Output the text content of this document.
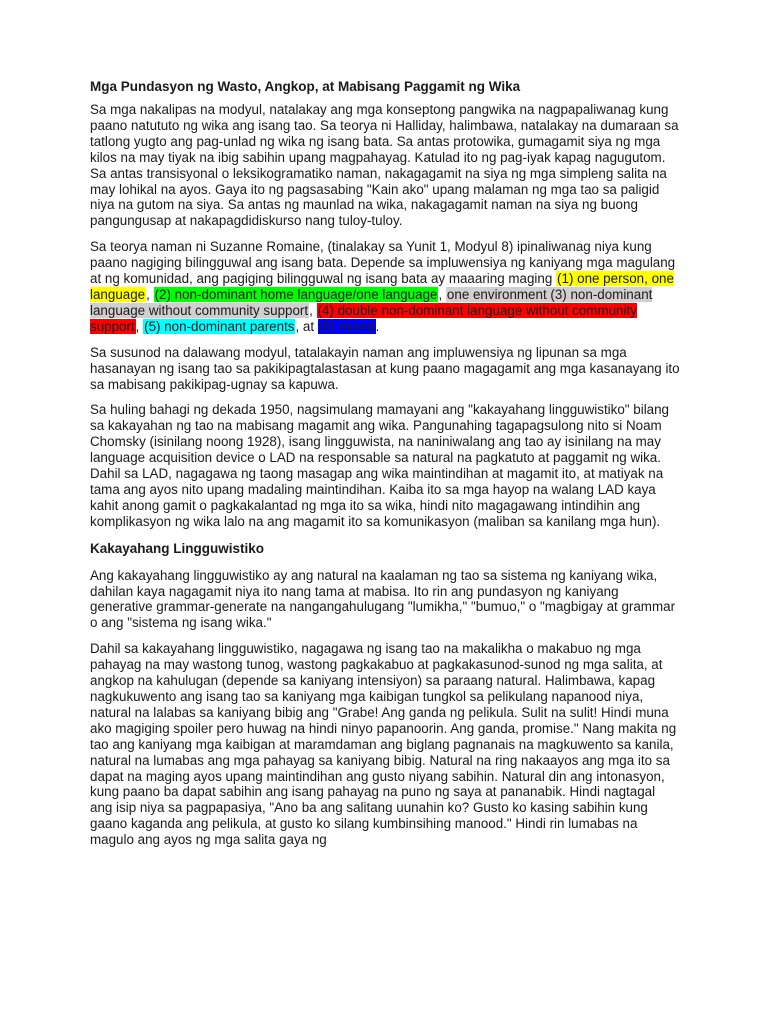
Mga Pundasyon ng Wasto, Angkop, at Mabisang Paggamit ng Wika

Sa mga nakalipas na modyul, natalakay ang mga konseptong pangwika na nagpapaliwanag kung paano natututo ng wika ang isang tao. Sa teorya ni Halliday, halimbawa, natalakay na dumaraan sa tatlong yugto ang pag-unlad ng wika ng isang bata. Sa antas protowika, gumagamit siya ng mga kilos na may tiyak na ibig sabihin upang magpahayag. Katulad ito ng pag-iyak kapag nagugutom. Sa antas transisyonal o leksikogramatiko naman, nakagagamit na siya ng mga simpleng salita na may lohikal na ayos. Gaya ito ng pagsasabing "Kain ako" upang malaman ng mga tao sa paligid niya na gutom na siya. Sa antas ng maunlad na wika, nakagagamit naman na siya ng buong pangungusap at nakapagdidiskurso nang tuloy-tuloy.

Sa teorya naman ni Suzanne Romaine, (tinalakay sa Yunit 1, Modyul 8) ipinaliwanag niya kung paano nagiging bilingguwal ang isang bata. Depende sa impluwensiya ng kaniyang mga magulang at ng komunidad, ang pagiging bilingguwal ng isang bata ay maaaring maging (1) one person, one language, (2) non-dominant home language/one language, one environment (3) non-dominant language without community support, (4) double non-dominant language without community support, (5) non-dominant parents, at (6) mixed.

Sa susunod na dalawang modyul, tatalakayin naman ang impluwensiya ng lipunan sa mga hasanayan ng isang tao sa pakikipagtalastasan at kung paano magagamit ang mga kasanayang ito sa mabisang pakikipag-ugnay sa kapuwa.

Sa huling bahagi ng dekada 1950, nagsimulang mamayani ang "kakayahang lingguwistiko" bilang sa kakayahan ng tao na mabisang magamit ang wika. Pangunahing tagapagsulong nito si Noam Chomsky (isinilang noong 1928), isang lingguwista, na naniniwalang ang tao ay isinilang na may language acquisition device o LAD na responsable sa natural na pagkatuto at paggamit ng wika. Dahil sa LAD, nagagawa ng taong masagap ang wika maintindihan at magamit ito, at matiyak na tama ang ayos nito upang madaling maintindihan. Kaiba ito sa mga hayop na walang LAD kaya kahit anong gamit o pagkakalantad ng mga ito sa wika, hindi nito magagawang intindihin ang komplikasyon ng wika lalo na ang magamit ito sa komunikasyon (maliban sa kanilang mga hun).

Kakayahang Lingguwistiko

Ang kakayahang lingguwistiko ay ang natural na kaalaman ng tao sa sistema ng kaniyang wika, dahilan kaya nagagamit niya ito nang tama at mabisa. Ito rin ang pundasyon ng kaniyang generative grammar-generate na nangangahulugang "lumikha," "bumuo," o "magbigay at grammar o ang "sistema ng isang wika."

Dahil sa kakayahang lingguwistiko, nagagawa ng isang tao na makalikha o makabuo ng mga pahayag na may wastong tunog, wastong pagkakabuo at pagkakasunod-sunod ng mga salita, at angkop na kahulugan (depende sa kaniyang intensiyon) sa paraang natural. Halimbawa, kapag nagkukuwento ang isang tao sa kaniyang mga kaibigan tungkol sa pelikulang napanood niya, natural na lalabas sa kaniyang bibig ang "Grabe! Ang ganda ng pelikula. Sulit na sulit! Hindi muna ako magiging spoiler pero huwag na hindi ninyo papanoorin. Ang ganda, promise." Nang makita ng tao ang kaniyang mga kaibigan at maramdaman ang biglang pagnanais na magkuwento sa kanila, natural na lumabas ang mga pahayag sa kaniyang bibig. Natural na ring nakaayos ang mga ito sa dapat na maging ayos upang maintindihan ang gusto niyang sabihin. Natural din ang intonasyon, kung paano ba dapat sabihin ang isang pahayag na puno ng saya at pananabik. Hindi nagtagal ang isip niya sa pagpapasiya, "Ano ba ang salitang uunahin ko? Gusto ko kasing sabihin kung gaano kaganda ang pelikula, at gusto ko silang kumbinsihing manood." Hindi rin lumabas na magulo ang ayos ng mga salita gaya ng
